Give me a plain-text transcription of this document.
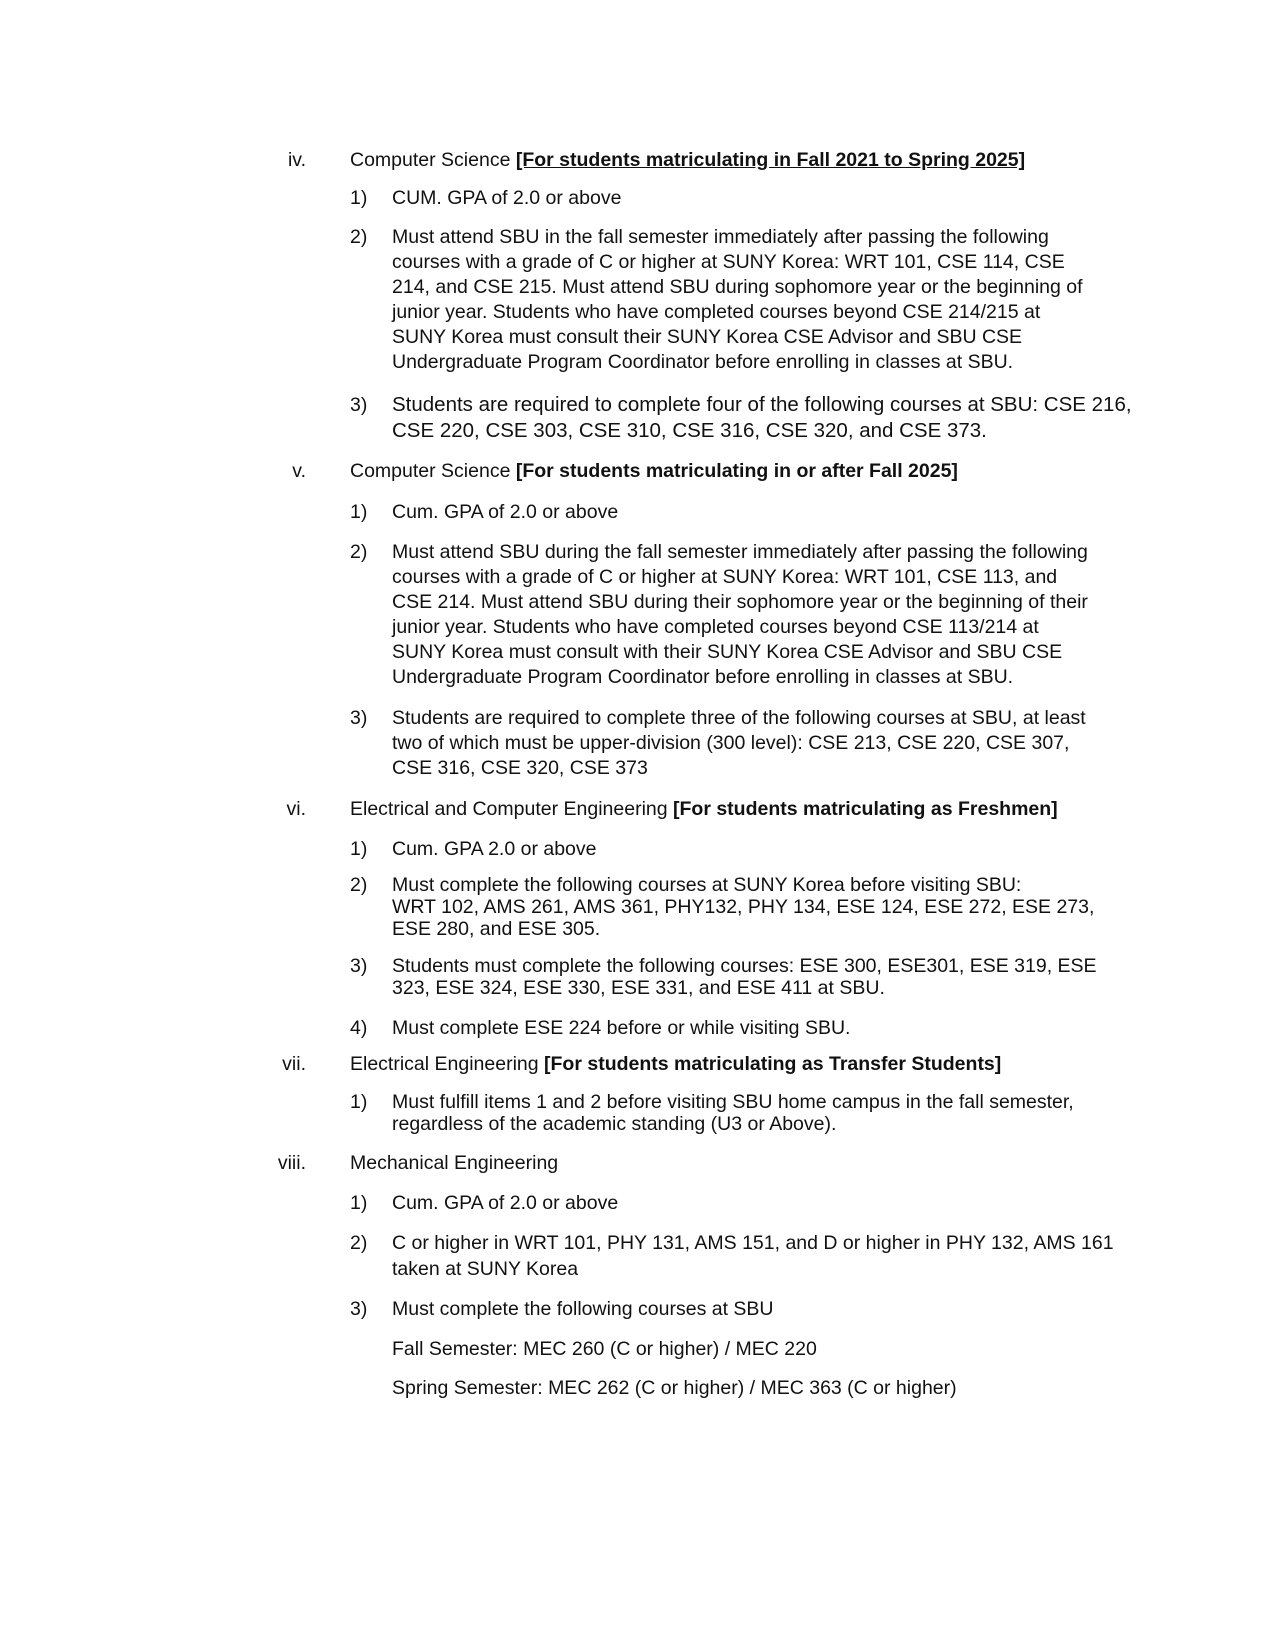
iv. Computer Science [For students matriculating in Fall 2021 to Spring 2025]
1)	CUM. GPA of 2.0 or above
2)	Must attend SBU in the fall semester immediately after passing the following
courses with a grade of C or higher at SUNY Korea: WRT 101, CSE 114, CSE
214, and CSE 215. Must attend SBU during sophomore year or the beginning of
junior year. Students who have completed courses beyond CSE 214/215 at
SUNY Korea must consult their SUNY Korea CSE Advisor and SBU CSE
Undergraduate Program Coordinator before enrolling in classes at SBU.
3)	Students are required to complete four of the following courses at SBU: CSE 216,
CSE 220, CSE 303, CSE 310, CSE 316, CSE 320, and CSE 373.
v. Computer Science [For students matriculating in or after Fall 2025]
1)	Cum. GPA of 2.0 or above
2)	Must attend SBU during the fall semester immediately after passing the following
courses with a grade of C or higher at SUNY Korea: WRT 101, CSE 113, and
CSE 214. Must attend SBU during their sophomore year or the beginning of their
junior year. Students who have completed courses beyond CSE 113/214 at
SUNY Korea must consult with their SUNY Korea CSE Advisor and SBU CSE
Undergraduate Program Coordinator before enrolling in classes at SBU.
3)	Students are required to complete three of the following courses at SBU, at least
two of which must be upper-division (300 level): CSE 213, CSE 220, CSE 307,
CSE 316, CSE 320, CSE 373
vi. Electrical and Computer Engineering [For students matriculating as Freshmen]
1)	Cum. GPA 2.0 or above
2)	Must complete the following courses at SUNY Korea before visiting SBU:
WRT 102, AMS 261, AMS 361, PHY132, PHY 134, ESE 124, ESE 272, ESE 273,
ESE 280, and ESE 305.
3)	Students must complete the following courses: ESE 300, ESE301, ESE 319, ESE
323, ESE 324, ESE 330, ESE 331, and ESE 411 at SBU.
4)	Must complete ESE 224 before or while visiting SBU.
vii. Electrical Engineering [For students matriculating as Transfer Students]
1)	Must fulfill items 1 and 2 before visiting SBU home campus in the fall semester,
regardless of the academic standing (U3 or Above).
viii. Mechanical Engineering
1)	Cum. GPA of 2.0 or above
2)	C or higher in WRT 101, PHY 131, AMS 151, and D or higher in PHY 132, AMS 161
taken at SUNY Korea
3)	Must complete the following courses at SBU
Fall Semester: MEC 260 (C or higher) / MEC 220
Spring Semester: MEC 262 (C or higher) / MEC 363 (C or higher)
